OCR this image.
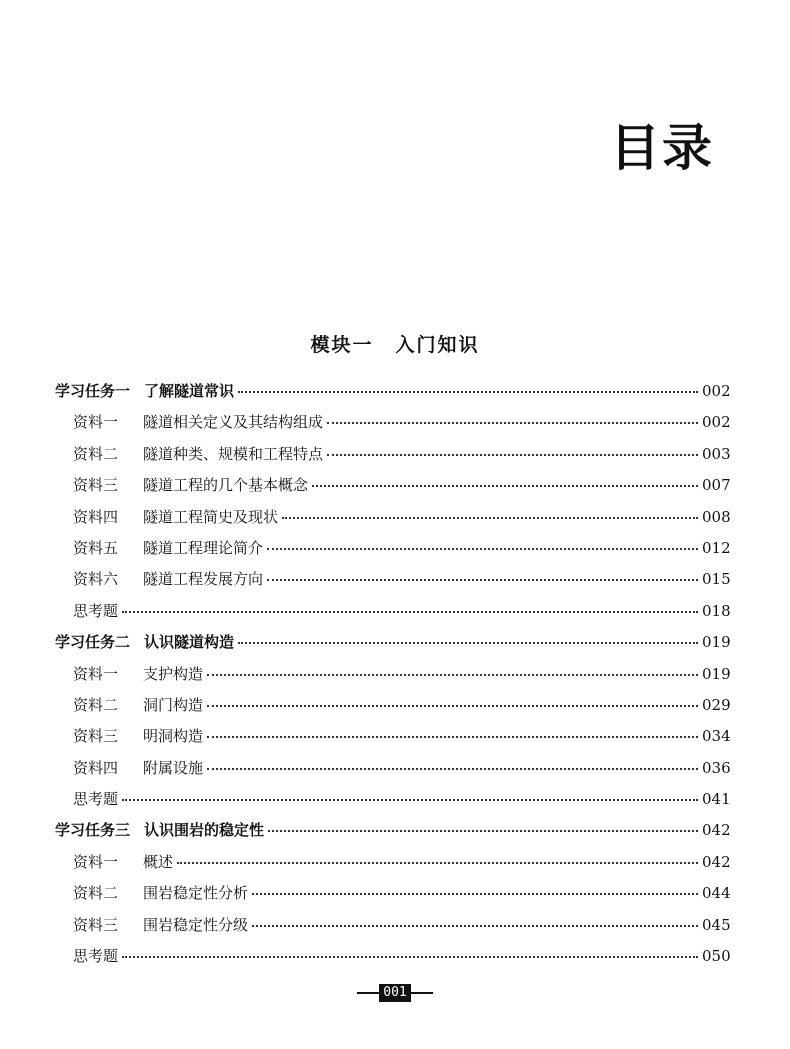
目录
模块一 入门知识
学习任务一 了解隧道常识	002
资料一 隧道相关定义及其结构组成	002
资料二 隧道种类、规模和工程特点	003
资料三 隧道工程的几个基本概念	007
资料四 隧道工程简史及现状	008
资料五 隧道工程理论简介	012
资料六 隧道工程发展方向	015
思考题	018
学习任务二 认识隧道构造	019
资料一 支护构造	019
资料二 洞门构造	029
资料三 明洞构造	034
资料四 附属设施	036
思考题	041
学习任务三 认识围岩的稳定性	042
资料一 概述	042
资料二 围岩稳定性分析	044
资料三 围岩稳定性分级	045
思考题	050
001
